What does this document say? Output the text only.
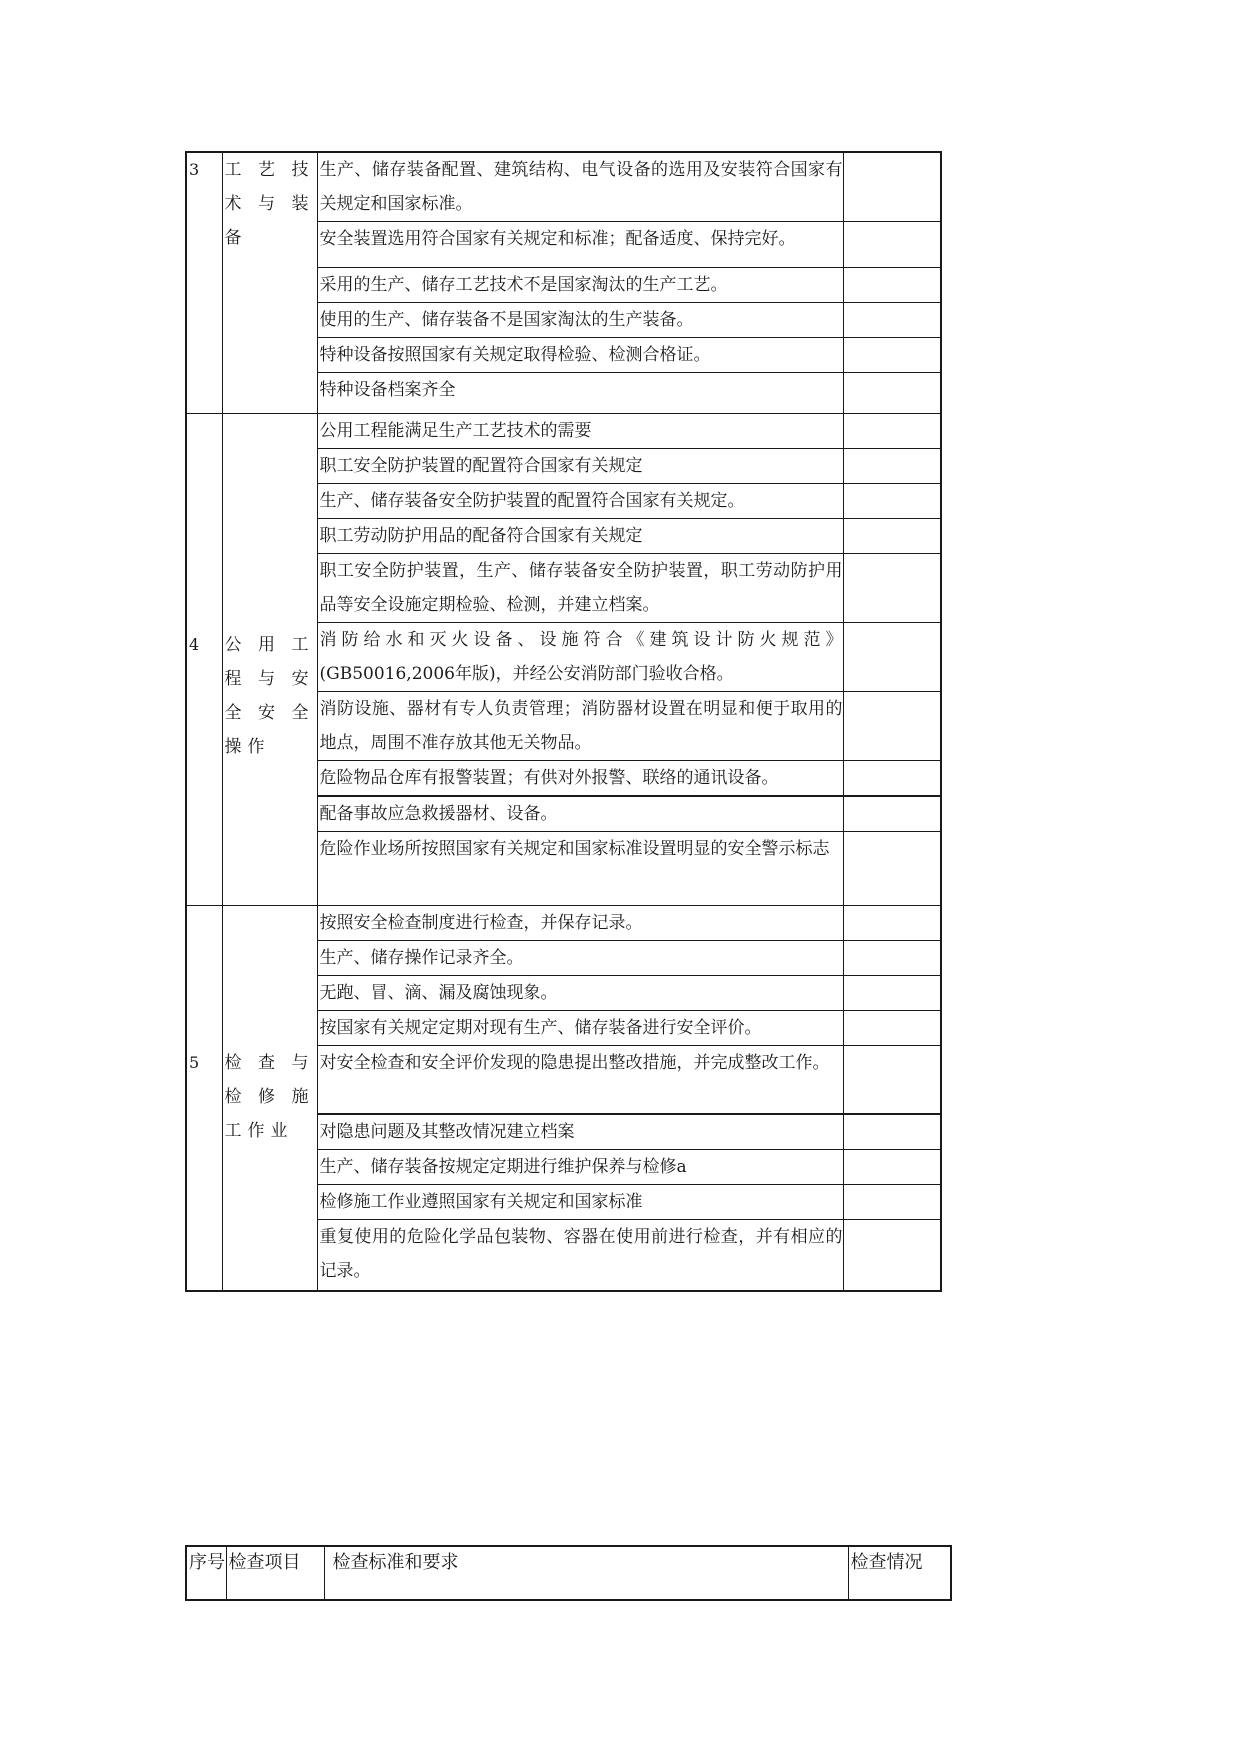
3	工艺技术与装备	生产、储存装备配置、建筑结构、电气设备的选用及安装符合国家有关规定和国家标准。	
		安全装置选用符合国家有关规定和标准；配备适度、保持完好。	
		采用的生产、储存工艺技术不是国家淘汰的生产工艺。	
		使用的生产、储存装备不是国家淘汰的生产装备。	
		特种设备按照国家有关规定取得检验、检测合格证。	
		特种设备档案齐全	
4	公用工程与安全安全操作	公用工程能满足生产工艺技术的需要	
		职工安全防护装置的配置符合国家有关规定	
		生产、储存装备安全防护装置的配置符合国家有关规定。	
		职工劳动防护用品的配备符合国家有关规定	
		职工安全防护装置，生产、储存装备安全防护装置，职工劳动防护用品等安全设施定期检验、检测，并建立档案。	
		消防给水和灭火设备、设施符合《建筑设计防火规范》(GB50016,2006年版)，并经公安消防部门验收合格。	
		消防设施、器材有专人负责管理；消防器材设置在明显和便于取用的地点，周围不准存放其他无关物品。	
		危险物品仓库有报警装置；有供对外报警、联络的通讯设备。	
		配备事故应急救援器材、设备。	
		危险作业场所按照国家有关规定和国家标准设置明显的安全警示标志	
5	检查与检修施工作业	按照安全检查制度进行检查，并保存记录。	
		生产、储存操作记录齐全。	
		无跑、冒、滴、漏及腐蚀现象。	
		按国家有关规定定期对现有生产、储存装备进行安全评价。	
		对安全检查和安全评价发现的隐患提出整改措施，并完成整改工作。	
		对隐患问题及其整改情况建立档案	
		生产、储存装备按规定定期进行维护保养与检修a	
		检修施工作业遵照国家有关规定和国家标准	
		重复使用的危险化学品包装物、容器在使用前进行检查，并有相应的记录。	
序号	检查项目	检查标准和要求	检查情况
